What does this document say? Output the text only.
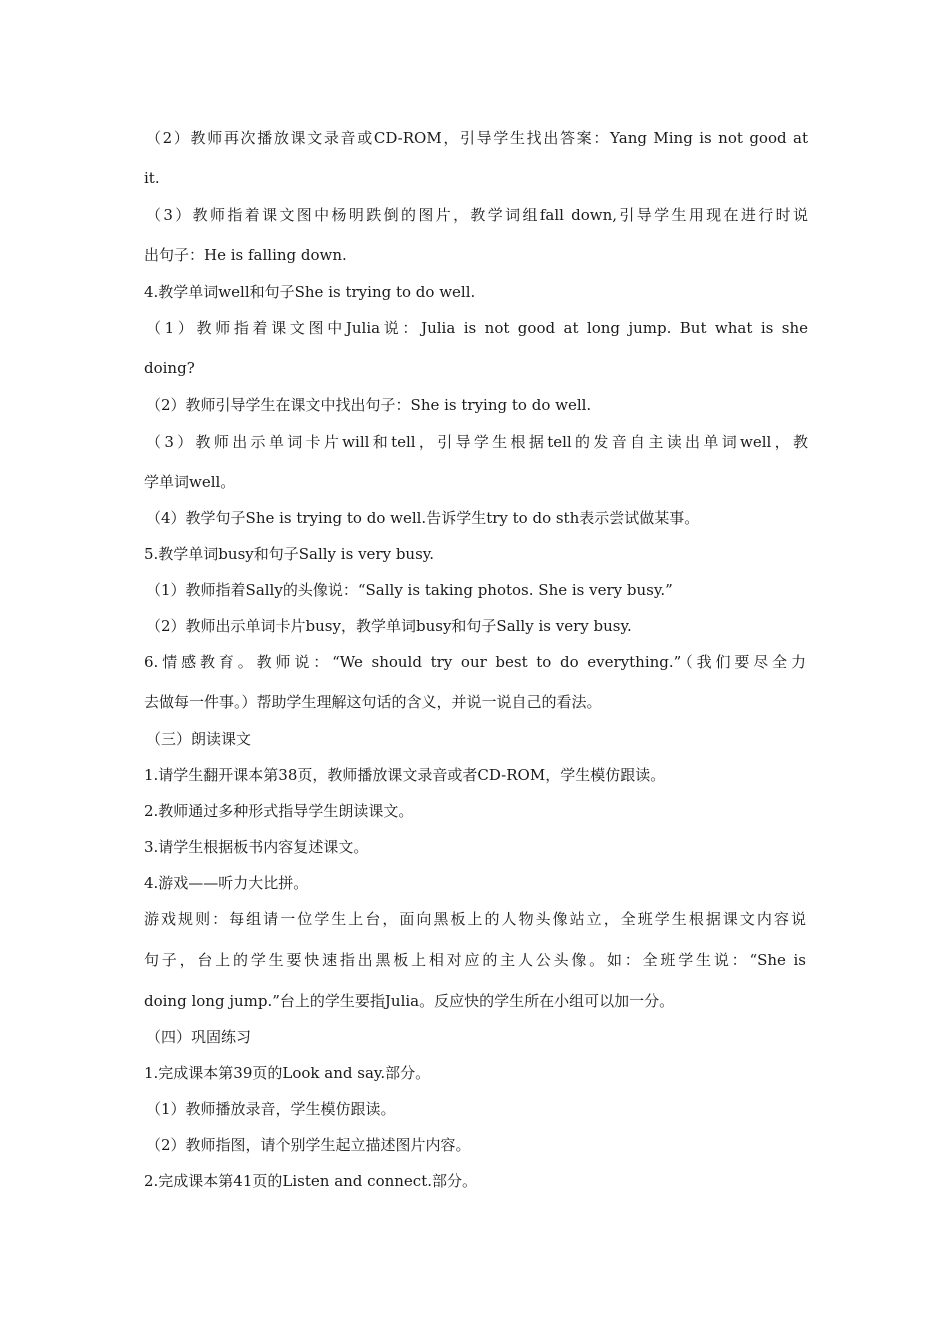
（2）教师再次播放课文录音或CD-ROM，引导学生找出答案：Yang Ming is not good at
it.
（3）教师指着课文图中杨明跌倒的图片，教学词组fall down,引导学生用现在进行时说
出句子：He is falling down.
4.教学单词well和句子She is trying to do well.
（1）教师指着课文图中Julia说：Julia is not good at long jump. But what is she
doing?
（2）教师引导学生在课文中找出句子：She is trying to do well.
（3）教师出示单词卡片will和tell，引导学生根据tell的发音自主读出单词well，教
学单词well。
（4）教学句子She is trying to do well.告诉学生try to do sth表示尝试做某事。
5.教学单词busy和句子Sally is very busy.
（1）教师指着Sally的头像说：“Sally is taking photos. She is very busy.”
（2）教师出示单词卡片busy，教学单词busy和句子Sally is very busy.
6.情感教育。教师说：“We should try our best to do everything.”（我们要尽全力
去做每一件事。）帮助学生理解这句话的含义，并说一说自己的看法。
（三）朗读课文
1.请学生翻开课本第38页，教师播放课文录音或者CD-ROM，学生模仿跟读。
2.教师通过多种形式指导学生朗读课文。
3.请学生根据板书内容复述课文。
4.游戏——听力大比拼。
游戏规则：每组请一位学生上台，面向黑板上的人物头像站立，全班学生根据课文内容说
句子，台上的学生要快速指出黑板上相对应的主人公头像。如：全班学生说：“She is
doing long jump.”台上的学生要指Julia。反应快的学生所在小组可以加一分。
（四）巩固练习
1.完成课本第39页的Look and say.部分。
（1）教师播放录音，学生模仿跟读。
（2）教师指图，请个别学生起立描述图片内容。
2.完成课本第41页的Listen and connect.部分。
